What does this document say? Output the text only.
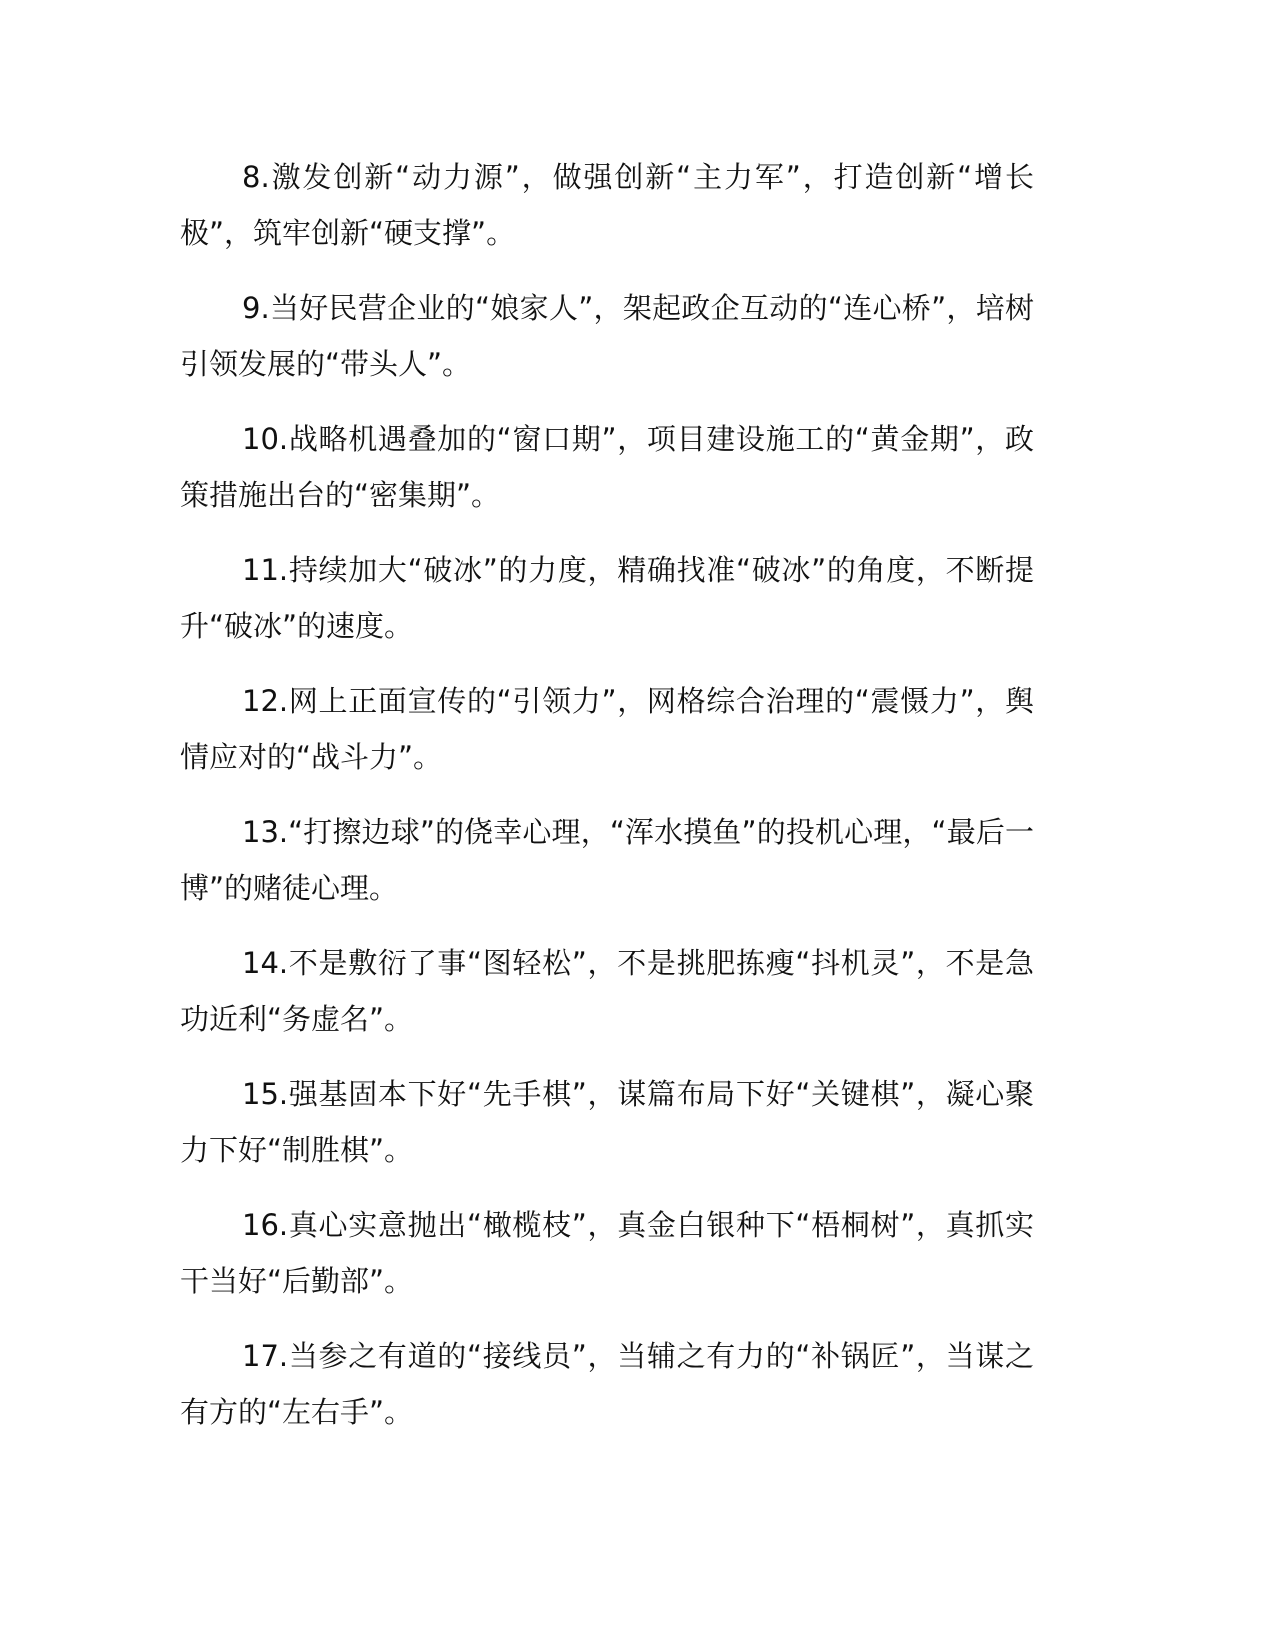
8.激发创新“动力源”，做强创新“主力军”，打造创新“增长极”，筑牢创新“硬支撑”。

9.当好民营企业的“娘家人”，架起政企互动的“连心桥”，培树引领发展的“带头人”。

10.战略机遇叠加的“窗口期”，项目建设施工的“黄金期”，政策措施出台的“密集期”。

11.持续加大“破冰”的力度，精确找准“破冰”的角度，不断提升“破冰”的速度。

12.网上正面宣传的“引领力”，网格综合治理的“震慑力”，舆情应对的“战斗力”。

13.“打擦边球”的侥幸心理，“浑水摸鱼”的投机心理，“最后一博”的赌徒心理。

14.不是敷衍了事“图轻松”，不是挑肥拣瘦“抖机灵”，不是急功近利“务虚名”。

15.强基固本下好“先手棋”，谋篇布局下好“关键棋”，凝心聚力下好“制胜棋”。

16.真心实意抛出“橄榄枝”，真金白银种下“梧桐树”，真抓实干当好“后勤部”。

17.当参之有道的“接线员”，当辅之有力的“补锅匠”，当谋之有方的“左右手”。
